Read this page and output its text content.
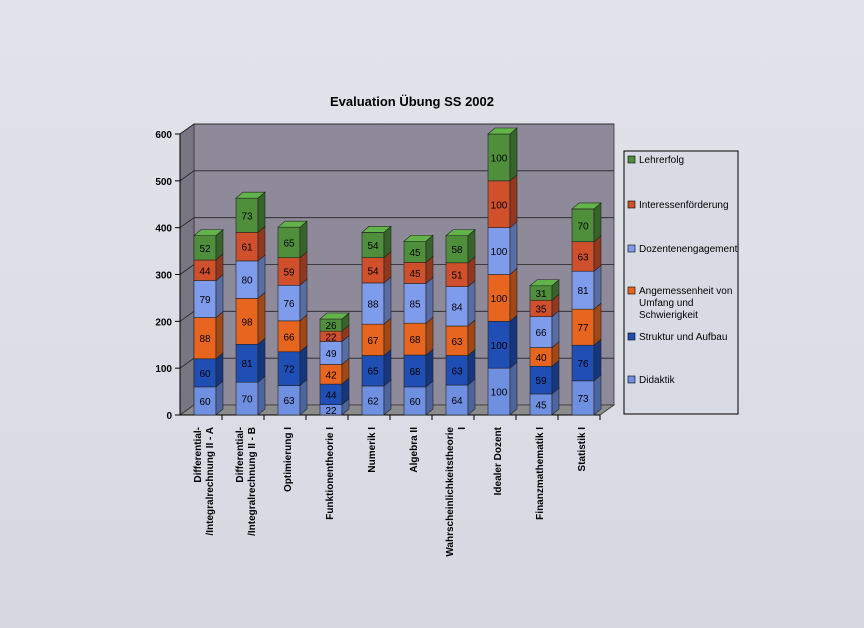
0
100
200
300
400
500
600
Evaluation Übung SS 2002
60
60
88
79
44
52
Differential-/Integralrechnung II - A
70
81
98
80
61
73
Differential-/Integralrechnung II - B
63
72
66
76
59
65
Optimierung I
22
44
42
49
22
26
Funktionentheorie I
62
65
67
88
54
54
Numerik I
60
68
68
85
45
45
Algebra II
64
63
63
84
51
58
WahrscheinlichkeitstheorieI
100
100
100
100
100
100
Idealer Dozent
45
59
40
66
35
31
Finanzmathematik I
73
76
77
81
63
70
Statistik I
Lehrerfolg
Interessenförderung
Dozentenengagement
Angemessenheit von Umfang und Schwierigkeit
Struktur und Aufbau
Didaktik
